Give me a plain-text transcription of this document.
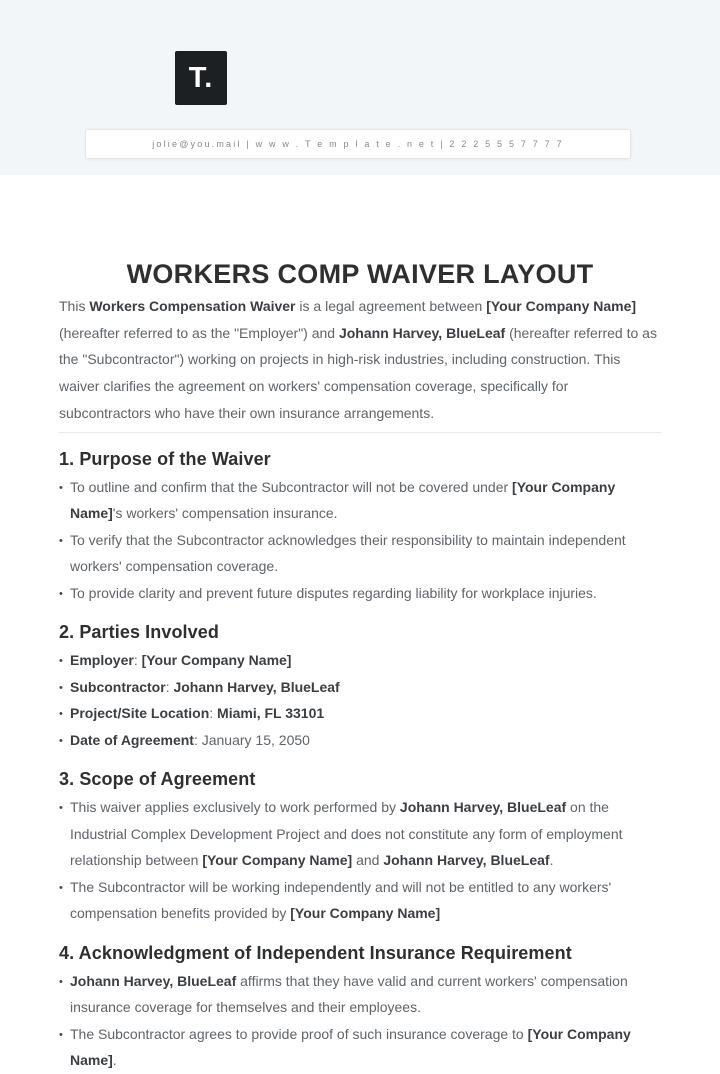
T.
jolie@you.mail | w w w . T e m p l a t e . n e t | 2 2 2 5 5 5 7 7 7 7
WORKERS COMP WAIVER LAYOUT

This Workers Compensation Waiver is a legal agreement between [Your Company Name] (hereafter referred to as the "Employer") and Johann Harvey, BlueLeaf (hereafter referred to as the "Subcontractor") working on projects in high-risk industries, including construction. This waiver clarifies the agreement on workers' compensation coverage, specifically for subcontractors who have their own insurance arrangements.

1. Purpose of the Waiver
• To outline and confirm that the Subcontractor will not be covered under [Your Company Name]'s workers' compensation insurance.
• To verify that the Subcontractor acknowledges their responsibility to maintain independent workers' compensation coverage.
• To provide clarity and prevent future disputes regarding liability for workplace injuries.
2. Parties Involved
• Employer: [Your Company Name]
• Subcontractor: Johann Harvey, BlueLeaf
• Project/Site Location: Miami, FL 33101
• Date of Agreement: January 15, 2050
3. Scope of Agreement
• This waiver applies exclusively to work performed by Johann Harvey, BlueLeaf on the Industrial Complex Development Project and does not constitute any form of employment relationship between [Your Company Name] and Johann Harvey, BlueLeaf.
• The Subcontractor will be working independently and will not be entitled to any workers' compensation benefits provided by [Your Company Name]
4. Acknowledgment of Independent Insurance Requirement
• Johann Harvey, BlueLeaf affirms that they have valid and current workers' compensation insurance coverage for themselves and their employees.
• The Subcontractor agrees to provide proof of such insurance coverage to [Your Company Name].
